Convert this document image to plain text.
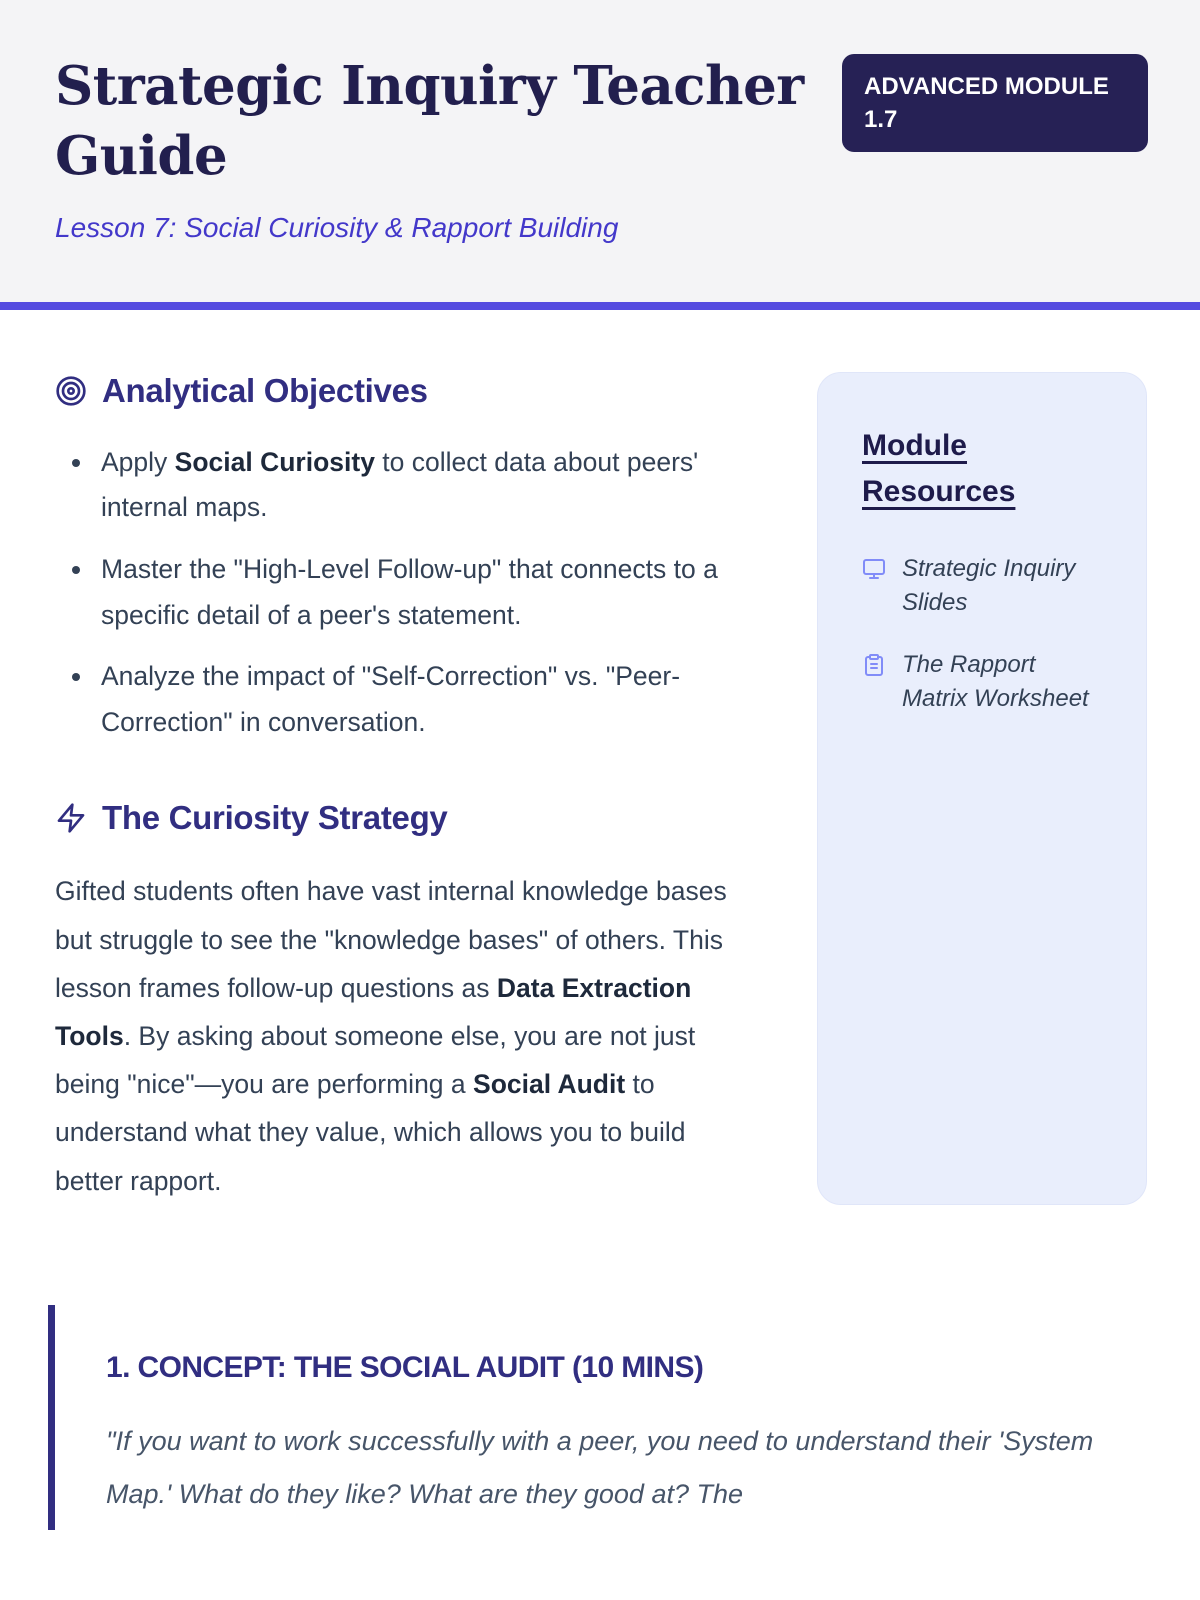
Strategic Inquiry Teacher Guide
ADVANCED MODULE 1.7
Lesson 7: Social Curiosity & Rapport Building
Analytical Objectives
• Apply Social Curiosity to collect data about peers' internal maps.
• Master the "High-Level Follow-up" that connects to a specific detail of a peer's statement.
• Analyze the impact of "Self-Correction" vs. "Peer-Correction" in conversation.
The Curiosity Strategy

Gifted students often have vast internal knowledge bases but struggle to see the "knowledge bases" of others. This lesson frames follow-up questions as Data Extraction Tools. By asking about someone else, you are not just being "nice"—you are performing a Social Audit to understand what they value, which allows you to build better rapport.

Module Resources
Strategic Inquiry Slides
The Rapport Matrix Worksheet
1. CONCEPT: THE SOCIAL AUDIT (10 MINS)

"If you want to work successfully with a peer, you need to understand their 'System Map.' What do they like? What are they good at? The
